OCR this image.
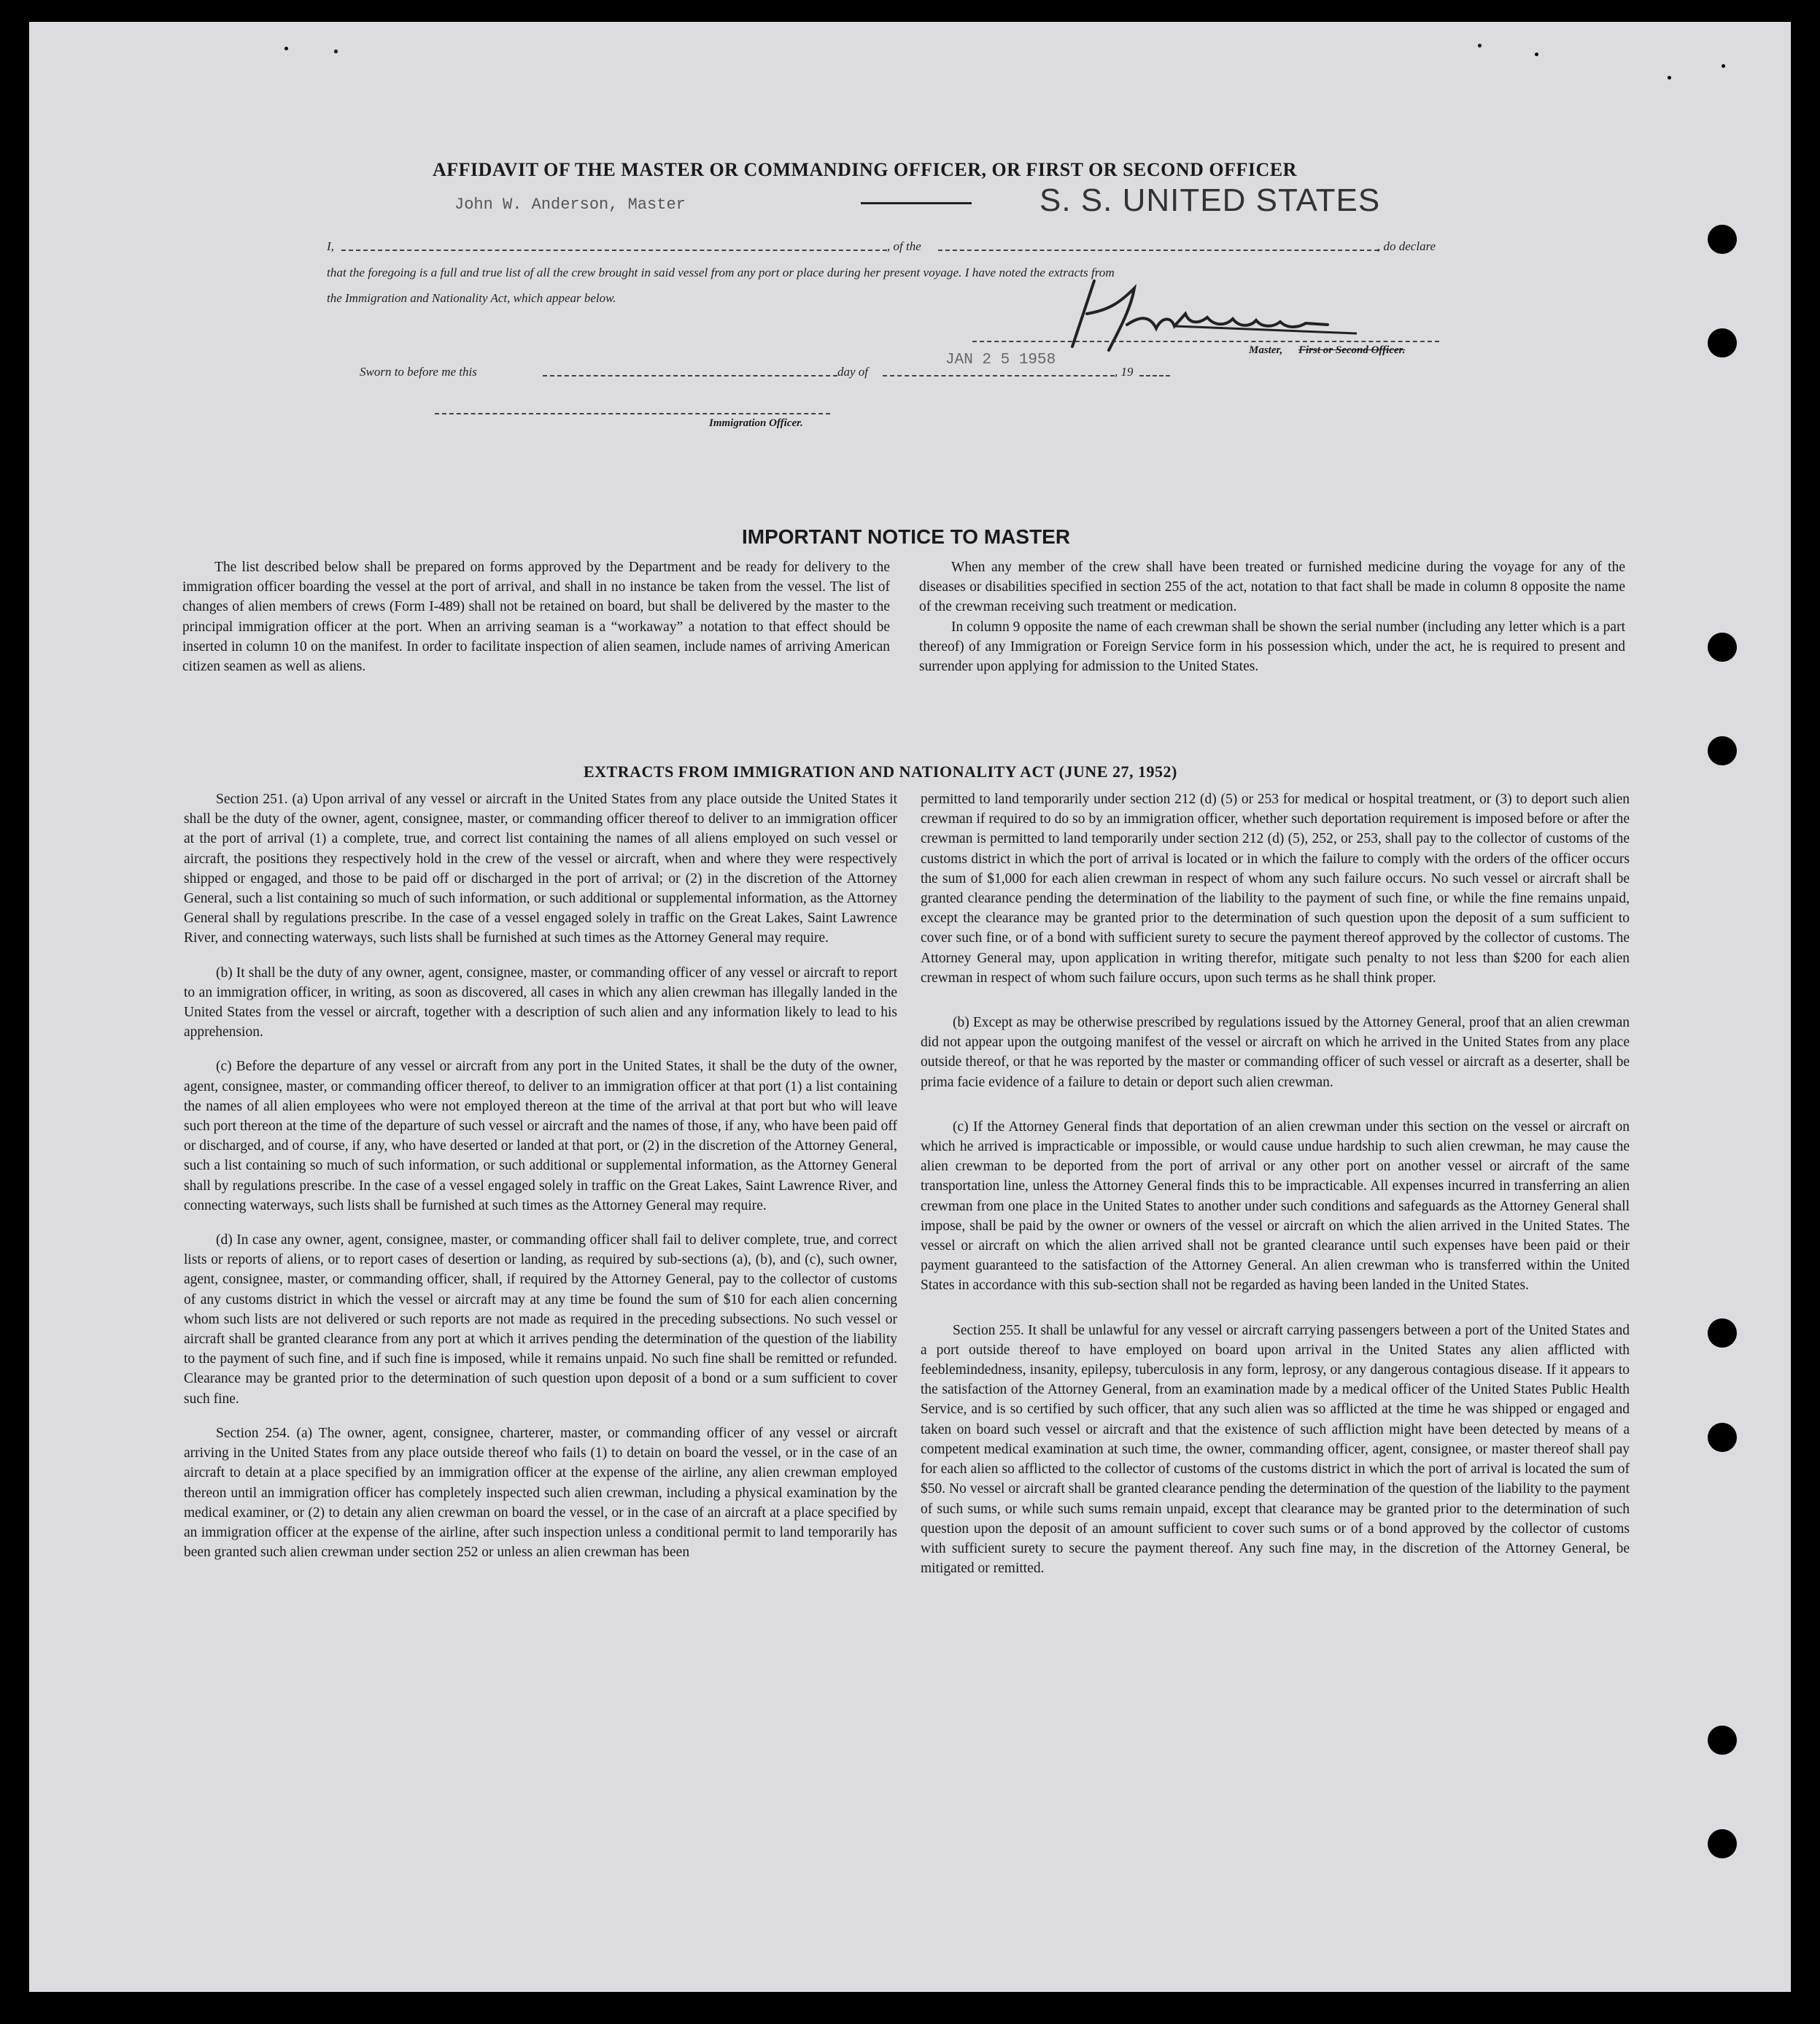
AFFIDAVIT OF THE MASTER OR COMMANDING OFFICER, OR FIRST OR SECOND OFFICER
I,
John W. Anderson, Master
, of the
S. S. UNITED STATES
, do declare
that the foregoing is a full and true list of all the crew brought in said vessel from any port or place during her present voyage. I have noted the extracts from
the Immigration and Nationality Act, which appear below.
Master, First or Second Officer.
Sworn to before me this	day of
JAN 2 5 1958
, 19
Immigration Officer.
IMPORTANT NOTICE TO MASTER

The list described below shall be prepared on forms approved by the Department and be ready for delivery to the immigration officer boarding the vessel at the port of arrival, and shall in no instance be taken from the vessel. The list of changes of alien members of crews (Form I-489) shall not be retained on board, but shall be delivered by the master to the principal immigration officer at the port. When an arriving seaman is a “workaway” a notation to that effect should be inserted in column 10 on the manifest. In order to facilitate inspection of alien seamen, include names of arriving American citizen seamen as well as aliens.

When any member of the crew shall have been treated or furnished medicine during the voyage for any of the diseases or disabilities specified in section 255 of the act, notation to that fact shall be made in column 8 opposite the name of the crewman receiving such treatment or medication.

In column 9 opposite the name of each crewman shall be shown the serial number (including any letter which is a part thereof) of any Immigration or Foreign Service form in his possession which, under the act, he is required to present and surrender upon applying for admission to the United States.

EXTRACTS FROM IMMIGRATION AND NATIONALITY ACT (JUNE 27, 1952)

Section 251. (a) Upon arrival of any vessel or aircraft in the United States from any place outside the United States it shall be the duty of the owner, agent, consignee, master, or commanding officer thereof to deliver to an immigration officer at the port of arrival (1) a complete, true, and correct list containing the names of all aliens employed on such vessel or aircraft, the positions they respectively hold in the crew of the vessel or aircraft, when and where they were respectively shipped or engaged, and those to be paid off or discharged in the port of arrival; or (2) in the discretion of the Attorney General, such a list containing so much of such information, or such additional or supplemental information, as the Attorney General shall by regulations prescribe. In the case of a vessel engaged solely in traffic on the Great Lakes, Saint Lawrence River, and connecting waterways, such lists shall be furnished at such times as the Attorney General may require.

(b) It shall be the duty of any owner, agent, consignee, master, or commanding officer of any vessel or aircraft to report to an immigration officer, in writing, as soon as discovered, all cases in which any alien crewman has illegally landed in the United States from the vessel or aircraft, together with a description of such alien and any information likely to lead to his apprehension.

(c) Before the departure of any vessel or aircraft from any port in the United States, it shall be the duty of the owner, agent, consignee, master, or commanding officer thereof, to deliver to an immigration officer at that port (1) a list containing the names of all alien employees who were not employed thereon at the time of the arrival at that port but who will leave such port thereon at the time of the departure of such vessel or aircraft and the names of those, if any, who have been paid off or discharged, and of course, if any, who have deserted or landed at that port, or (2) in the discretion of the Attorney General, such a list containing so much of such information, or such additional or supplemental information, as the Attorney General shall by regulations prescribe. In the case of a vessel engaged solely in traffic on the Great Lakes, Saint Lawrence River, and connecting waterways, such lists shall be furnished at such times as the Attorney General may require.

(d) In case any owner, agent, consignee, master, or commanding officer shall fail to deliver complete, true, and correct lists or reports of aliens, or to report cases of desertion or landing, as required by sub-sections (a), (b), and (c), such owner, agent, consignee, master, or commanding officer, shall, if required by the Attorney General, pay to the collector of customs of any customs district in which the vessel or aircraft may at any time be found the sum of $10 for each alien concerning whom such lists are not delivered or such reports are not made as required in the preceding subsections. No such vessel or aircraft shall be granted clearance from any port at which it arrives pending the determination of the question of the liability to the payment of such fine, and if such fine is imposed, while it remains unpaid. No such fine shall be remitted or refunded. Clearance may be granted prior to the determination of such question upon deposit of a bond or a sum sufficient to cover such fine.

Section 254. (a) The owner, agent, consignee, charterer, master, or commanding officer of any vessel or aircraft arriving in the United States from any place outside thereof who fails (1) to detain on board the vessel, or in the case of an aircraft to detain at a place specified by an immigration officer at the expense of the airline, any alien crewman employed thereon until an immigration officer has completely inspected such alien crewman, including a physical examination by the medical examiner, or (2) to detain any alien crewman on board the vessel, or in the case of an aircraft at a place specified by an immigration officer at the expense of the airline, after such inspection unless a conditional permit to land temporarily has been granted such alien crewman under section 252 or unless an alien crewman has been

permitted to land temporarily under section 212 (d) (5) or 253 for medical or hospital treatment, or (3) to deport such alien crewman if required to do so by an immigration officer, whether such deportation requirement is imposed before or after the crewman is permitted to land temporarily under section 212 (d) (5), 252, or 253, shall pay to the collector of customs of the customs district in which the port of arrival is located or in which the failure to comply with the orders of the officer occurs the sum of $1,000 for each alien crewman in respect of whom any such failure occurs. No such vessel or aircraft shall be granted clearance pending the determination of the liability to the payment of such fine, or while the fine remains unpaid, except the clearance may be granted prior to the determination of such question upon the deposit of a sum sufficient to cover such fine, or of a bond with sufficient surety to secure the payment thereof approved by the collector of customs. The Attorney General may, upon application in writing therefor, mitigate such penalty to not less than $200 for each alien crewman in respect of whom such failure occurs, upon such terms as he shall think proper.

(b) Except as may be otherwise prescribed by regulations issued by the Attorney General, proof that an alien crewman did not appear upon the outgoing manifest of the vessel or aircraft on which he arrived in the United States from any place outside thereof, or that he was reported by the master or commanding officer of such vessel or aircraft as a deserter, shall be prima facie evidence of a failure to detain or deport such alien crewman.

(c) If the Attorney General finds that deportation of an alien crewman under this section on the vessel or aircraft on which he arrived is impracticable or impossible, or would cause undue hardship to such alien crewman, he may cause the alien crewman to be deported from the port of arrival or any other port on another vessel or aircraft of the same transportation line, unless the Attorney General finds this to be impracticable. All expenses incurred in transferring an alien crewman from one place in the United States to another under such conditions and safeguards as the Attorney General shall impose, shall be paid by the owner or owners of the vessel or aircraft on which the alien arrived in the United States. The vessel or aircraft on which the alien arrived shall not be granted clearance until such expenses have been paid or their payment guaranteed to the satisfaction of the Attorney General. An alien crewman who is transferred within the United States in accordance with this sub-section shall not be regarded as having been landed in the United States.

Section 255. It shall be unlawful for any vessel or aircraft carrying passengers between a port of the United States and a port outside thereof to have employed on board upon arrival in the United States any alien afflicted with feeblemindedness, insanity, epilepsy, tuberculosis in any form, leprosy, or any dangerous contagious disease. If it appears to the satisfaction of the Attorney General, from an examination made by a medical officer of the United States Public Health Service, and is so certified by such officer, that any such alien was so afflicted at the time he was shipped or engaged and taken on board such vessel or aircraft and that the existence of such affliction might have been detected by means of a competent medical examination at such time, the owner, commanding officer, agent, consignee, or master thereof shall pay for each alien so afflicted to the collector of customs of the customs district in which the port of arrival is located the sum of $50. No vessel or aircraft shall be granted clearance pending the determination of the question of the liability to the payment of such sums, or while such sums remain unpaid, except that clearance may be granted prior to the determination of such question upon the deposit of an amount sufficient to cover such sums or of a bond approved by the collector of customs with sufficient surety to secure the payment thereof. Any such fine may, in the discretion of the Attorney General, be mitigated or remitted.
